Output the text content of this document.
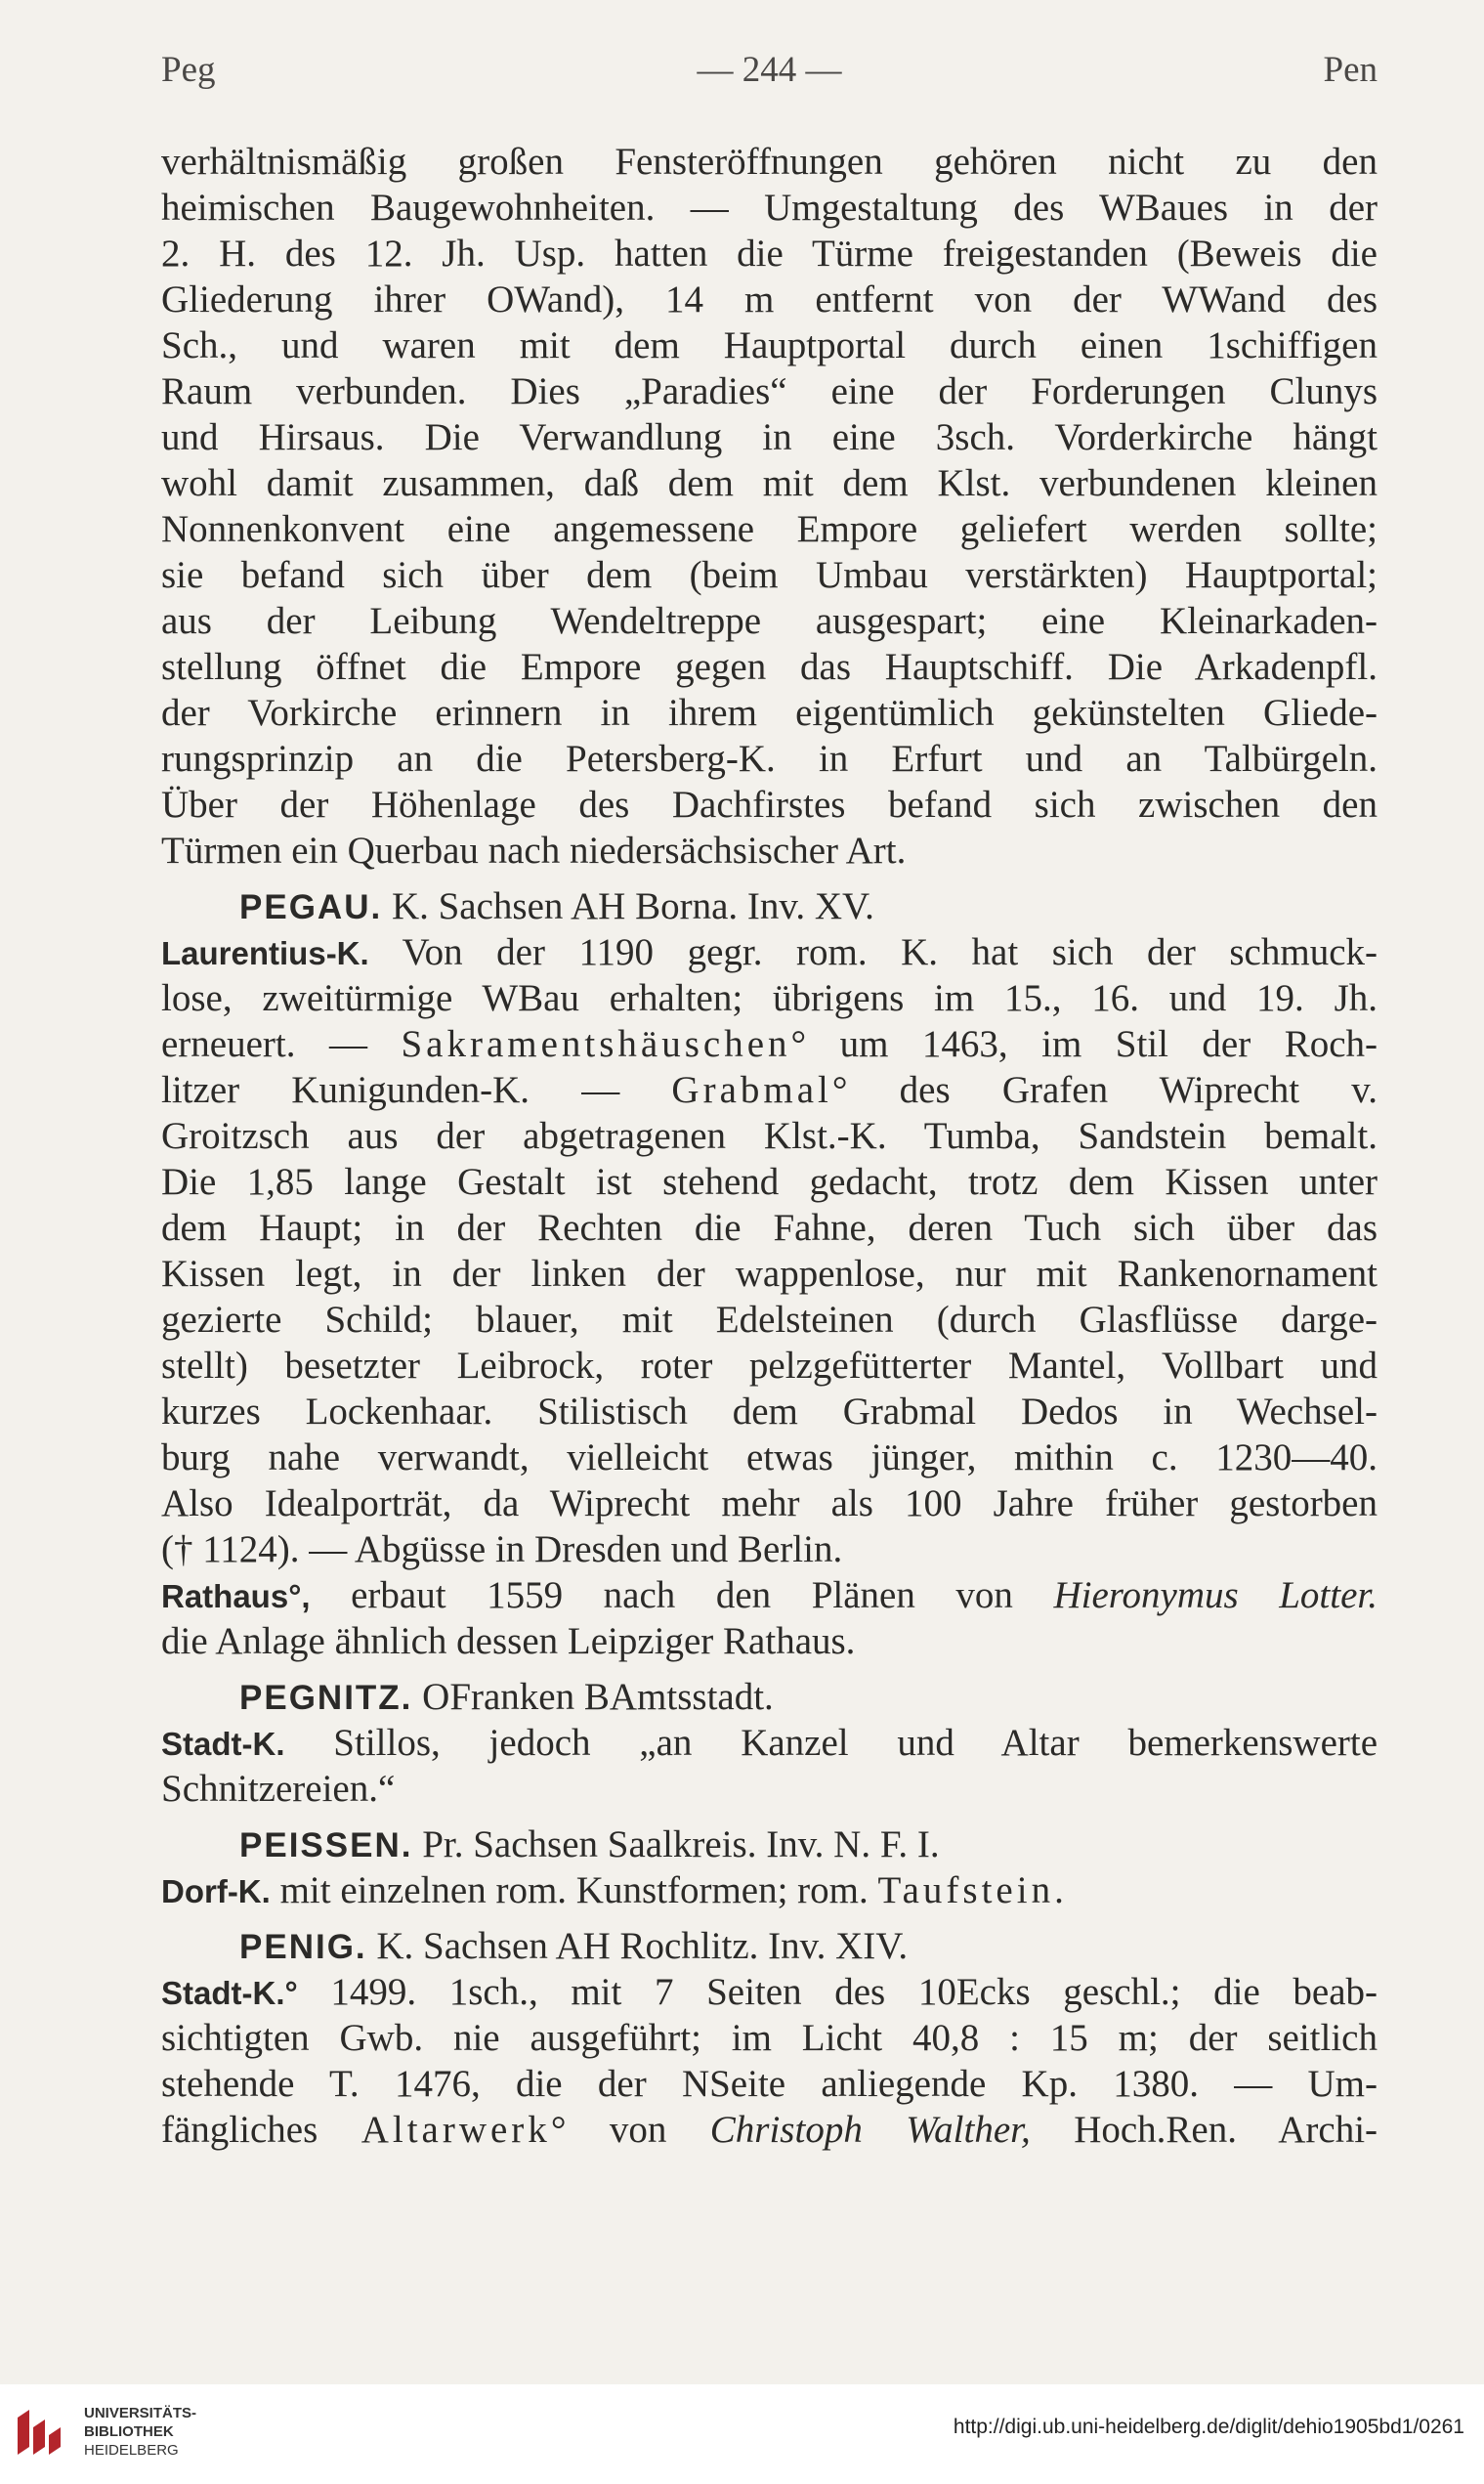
Peg	— 244 —	Pen
verhältnismäßig großen Fensteröffnungen gehören nicht zu den
heimischen Baugewohnheiten. — Umgestaltung des WBaues in der
2. H. des 12. Jh. Usp. hatten die Türme freigestanden (Beweis die
Gliederung ihrer OWand), 14 m entfernt von der WWand des
Sch., und waren mit dem Hauptportal durch einen 1schiffigen
Raum verbunden. Dies „Paradies“ eine der Forderungen Clunys
und Hirsaus. Die Verwandlung in eine 3sch. Vorderkirche hängt
wohl damit zusammen, daß dem mit dem Klst. verbundenen kleinen
Nonnenkonvent eine angemessene Empore geliefert werden sollte;
sie befand sich über dem (beim Umbau verstärkten) Hauptportal;
aus der Leibung Wendeltreppe ausgespart; eine Kleinarkaden-
stellung öffnet die Empore gegen das Hauptschiff. Die Arkadenpfl.
der Vorkirche erinnern in ihrem eigentümlich gekünstelten Gliede-
rungsprinzip an die Petersberg-K. in Erfurt und an Talbürgeln.
Über der Höhenlage des Dachfirstes befand sich zwischen den
Türmen ein Querbau nach niedersächsischer Art.
PEGAU. K. Sachsen AH Borna. Inv. XV.
Laurentius-K. Von der 1190 gegr. rom. K. hat sich der schmuck-
lose, zweitürmige WBau erhalten; übrigens im 15., 16. und 19. Jh.
erneuert. — Sakramentshäuschen° um 1463, im Stil der Roch-
litzer Kunigunden-K. — Grabmal° des Grafen Wiprecht v.
Groitzsch aus der abgetragenen Klst.-K. Tumba, Sandstein bemalt.
Die 1,85 lange Gestalt ist stehend gedacht, trotz dem Kissen unter
dem Haupt; in der Rechten die Fahne, deren Tuch sich über das
Kissen legt, in der linken der wappenlose, nur mit Rankenornament
gezierte Schild; blauer, mit Edelsteinen (durch Glasflüsse darge-
stellt) besetzter Leibrock, roter pelzgefütterter Mantel, Vollbart und
kurzes Lockenhaar. Stilistisch dem Grabmal Dedos in Wechsel-
burg nahe verwandt, vielleicht etwas jünger, mithin c. 1230—40.
Also Idealporträt, da Wiprecht mehr als 100 Jahre früher gestorben
(† 1124). — Abgüsse in Dresden und Berlin.
Rathaus°, erbaut 1559 nach den Plänen von Hieronymus Lotter.
die Anlage ähnlich dessen Leipziger Rathaus.
PEGNITZ. OFranken BAmtsstadt.
Stadt-K. Stillos, jedoch „an Kanzel und Altar bemerkenswerte
Schnitzereien.“
PEISSEN. Pr. Sachsen Saalkreis. Inv. N. F. I.
Dorf-K. mit einzelnen rom. Kunstformen; rom. Taufstein.
PENIG. K. Sachsen AH Rochlitz. Inv. XIV.
Stadt-K.° 1499. 1sch., mit 7 Seiten des 10Ecks geschl.; die beab-
sichtigten Gwb. nie ausgeführt; im Licht 40,8 : 15 m; der seitlich
stehende T. 1476, die der NSeite anliegende Kp. 1380. — Um-
fängliches Altarwerk° von Christoph Walther, Hoch.Ren. Archi-
UNIVERSITÄTS-
BIBLIOTHEK
HEIDELBERG
http://digi.ub.uni-heidelberg.de/diglit/dehio1905bd1/0261
